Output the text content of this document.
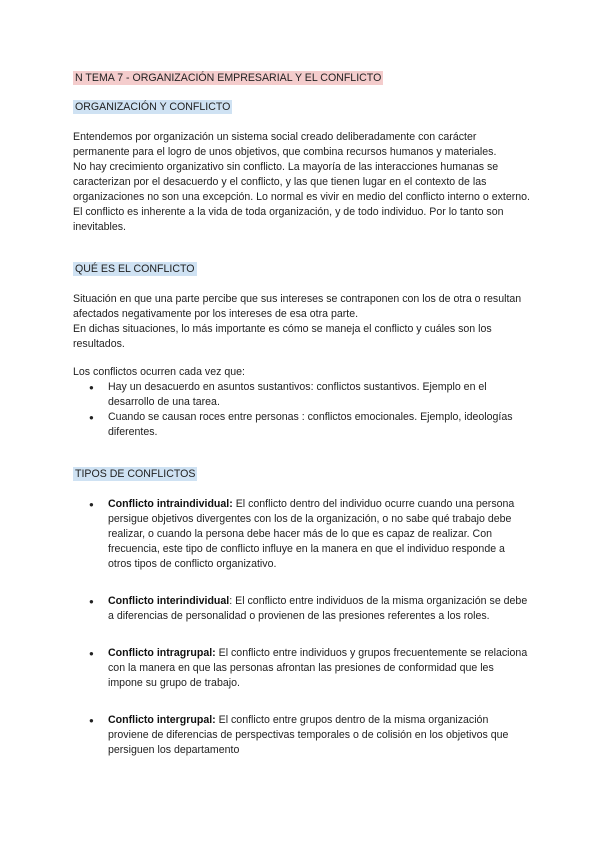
N TEMA 7 - ORGANIZACIÓN EMPRESARIAL Y EL CONFLICTO
ORGANIZACIÓN Y CONFLICTO

Entendemos por organización un sistema social creado deliberadamente con carácter permanente para el logro de unos objetivos, que combina recursos humanos y materiales.

No hay crecimiento organizativo sin conflicto. La mayoría de las interacciones humanas se caracterizan por el desacuerdo y el conflicto, y las que tienen lugar en el contexto de las organizaciones no son una excepción. Lo normal es vivir en medio del conflicto interno o externo.

El conflicto es inherente a la vida de toda organización, y de todo individuo. Por lo tanto son inevitables.

QUÉ ES EL CONFLICTO

Situación en que una parte percibe que sus intereses se contraponen con los de otra o resultan afectados negativamente por los intereses de esa otra parte.

En dichas situaciones, lo más importante es cómo se maneja el conflicto y cuáles son los resultados.

Los conflictos ocurren cada vez que:

● Hay un desacuerdo en asuntos sustantivos: conflictos sustantivos. Ejemplo en el desarrollo de una tarea.
● Cuando se causan roces entre personas : conflictos emocionales. Ejemplo, ideologías diferentes.
TIPOS DE CONFLICTOS
● Conflicto intraindividual: El conflicto dentro del individuo ocurre cuando una persona persigue objetivos divergentes con los de la organización, o no sabe qué trabajo debe realizar, o cuando la persona debe hacer más de lo que es capaz de realizar. Con frecuencia, este tipo de conflicto influye en la manera en que el individuo responde a otros tipos de conflicto organizativo.
● Conflicto interindividual: El conflicto entre individuos de la misma organización se debe a diferencias de personalidad o provienen de las presiones referentes a los roles.
● Conflicto intragrupal: El conflicto entre individuos y grupos frecuentemente se relaciona con la manera en que las personas afrontan las presiones de conformidad que les impone su grupo de trabajo.
● Conflicto intergrupal: El conflicto entre grupos dentro de la misma organización proviene de diferencias de perspectivas temporales o de colisión en los objetivos que persiguen los departamento
